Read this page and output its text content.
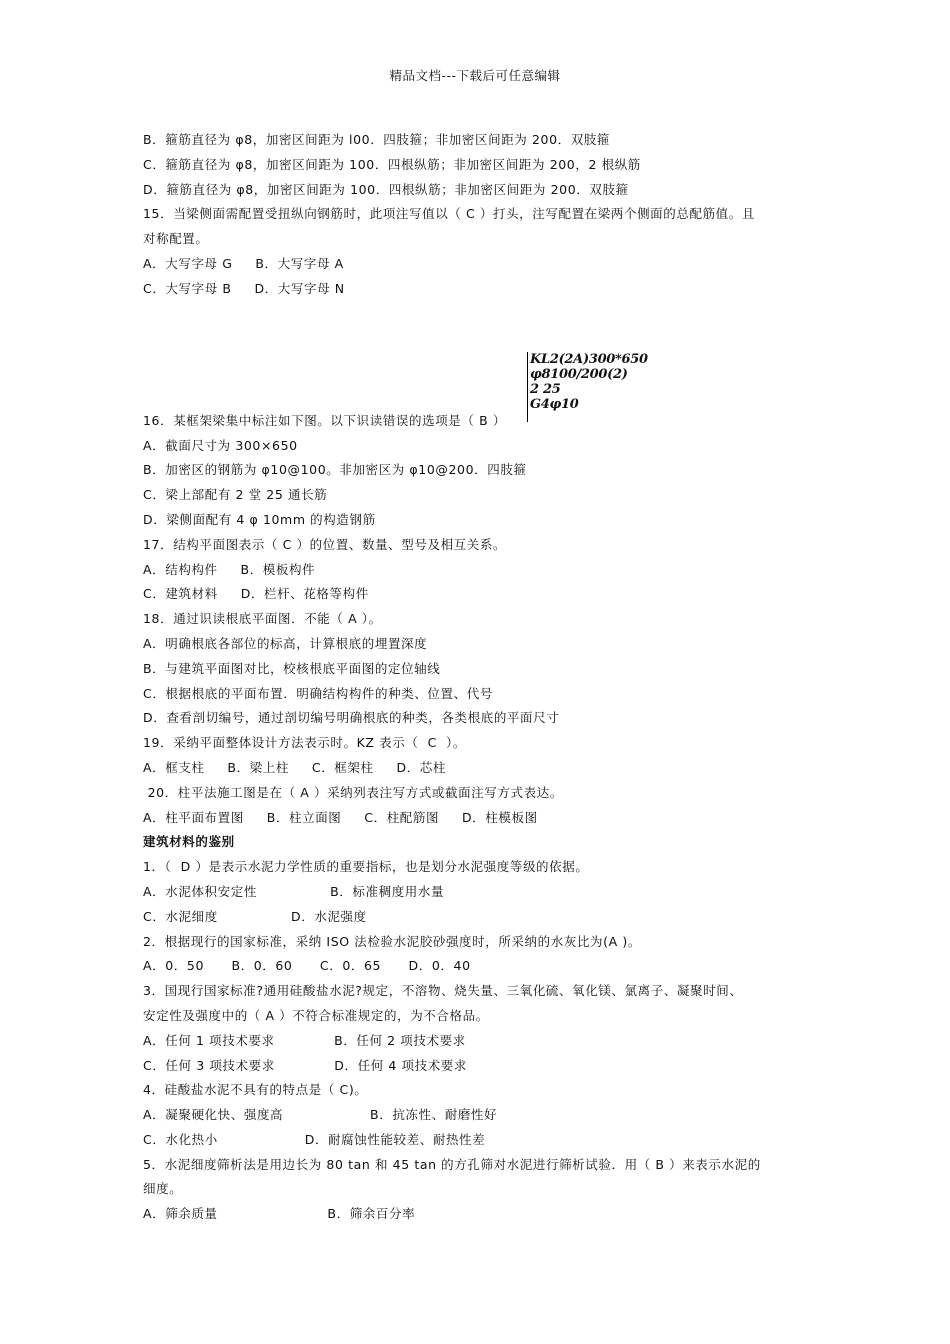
精品文档---下载后可任意编辑
B．箍筋直径为 φ8，加密区间距为 l00．四肢箍；非加密区间距为 200．双肢箍
C．箍筋直径为 φ8，加密区间距为 100．四根纵筋；非加密区间距为 200，2 根纵筋
D．箍筋直径为 φ8，加密区间距为 100．四根纵筋；非加密区间距为 200．双肢箍
15．当梁侧面需配置受扭纵向钢筋时，此项注写值以（ C ）打头，注写配置在梁两个侧面的总配筋值。且
对称配置。
A．大写字母 G     B．大写字母 A
C．大写字母 B     D．大写字母 N
KL2(2A)300*650
φ8100/200(2)
2 25
G4φ10
16．某框架梁集中标注如下图。以下识读错误的选项是（ B ）
A．截面尺寸为 300×650
B．加密区的钢筋为 φ10@100。非加密区为 φ10@200．四肢箍
C．梁上部配有 2 堂 25 通长筋
D．梁侧面配有 4 φ 10mm 的构造钢筋
17．结构平面图表示（ C ）的位置、数量、型号及相互关系。
A．结构构件     B．模板构件
C．建筑材料     D．栏杆、花格等构件
18．通过识读根底平面图．不能（ A ）。
A．明确根底各部位的标高，计算根底的埋置深度
B．与建筑平面图对比，校核根底平面图的定位轴线
C．根据根底的平面布置．明确结构构件的种类、位置、代号
D．查看剖切编号，通过剖切编号明确根底的种类，各类根底的平面尺寸
19．采纳平面整体设计方法表示时。KZ 表示（  C  ）。
A．框支柱     B．梁上柱     C．框架柱     D．芯柱
20．柱平法施工图是在（ A ）采纳列表注写方式或截面注写方式表达。
A．柱平面布置图     B．柱立面图     C．柱配筋图     D．柱模板图
建筑材料的鉴别
1．（  D ）是表示水泥力学性质的重要指标，也是划分水泥强度等级的依据。
A．水泥体积安定性                B．标准稠度用水量
C．水泥细度                D．水泥强度
2．根据现行的国家标准，采纳 ISO 法检验水泥胶砂强度时，所采纳的水灰比为(A )。
A．0．50      B．0．60      C．0．65      D．0．40
3．国现行国家标准?通用硅酸盐水泥?规定，不溶物、烧失量、三氧化硫、氧化镁、氯离子、凝聚时间、
安定性及强度中的（ A ）不符合标准规定的，为不合格品。
A．任何 1 项技术要求             B．任何 2 项技术要求
C．任何 3 项技术要求             D．任何 4 项技术要求
4．硅酸盐水泥不具有的特点是（ C)。
A．凝聚硬化快、强度高                   B．抗冻性、耐磨性好
C．水化热小                   D．耐腐蚀性能较差、耐热性差
5．水泥细度筛析法是用边长为 80 tan 和 45 tan 的方孔筛对水泥进行筛析试验．用（ B ）来表示水泥的
细度。
A．筛余质量                        B．筛余百分率
